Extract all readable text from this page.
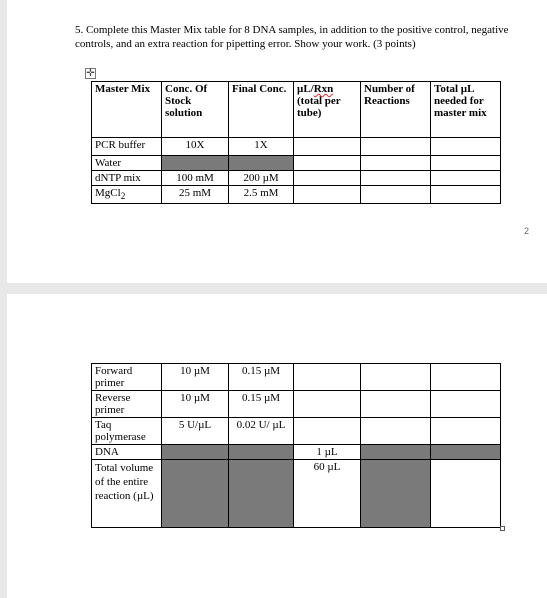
5. Complete this Master Mix table for 8 DNA samples, in addition to the positive control, negative controls, and an extra reaction for pipetting error. Show your work. (3 points)
✛
2
Master Mix	Conc. Of Stock solution	Final Conc.	µL/Rxn (total per tube)	Number of Reactions	Total µL needed for master mix
PCR buffer	10X	1X			
Water					
dNTP mix	100 mM	200 µM			
MgCl$_2$	25 mM	2.5 mM			
Forward primer	10 µM	0.15 µM			
Reverse primer	10 µM	0.15 µM			
Taq polymerase	5 U/µL	0.02 U/ µL			
DNA			1 µL		
Total volume of the entire reaction (µL)			60 µL		
